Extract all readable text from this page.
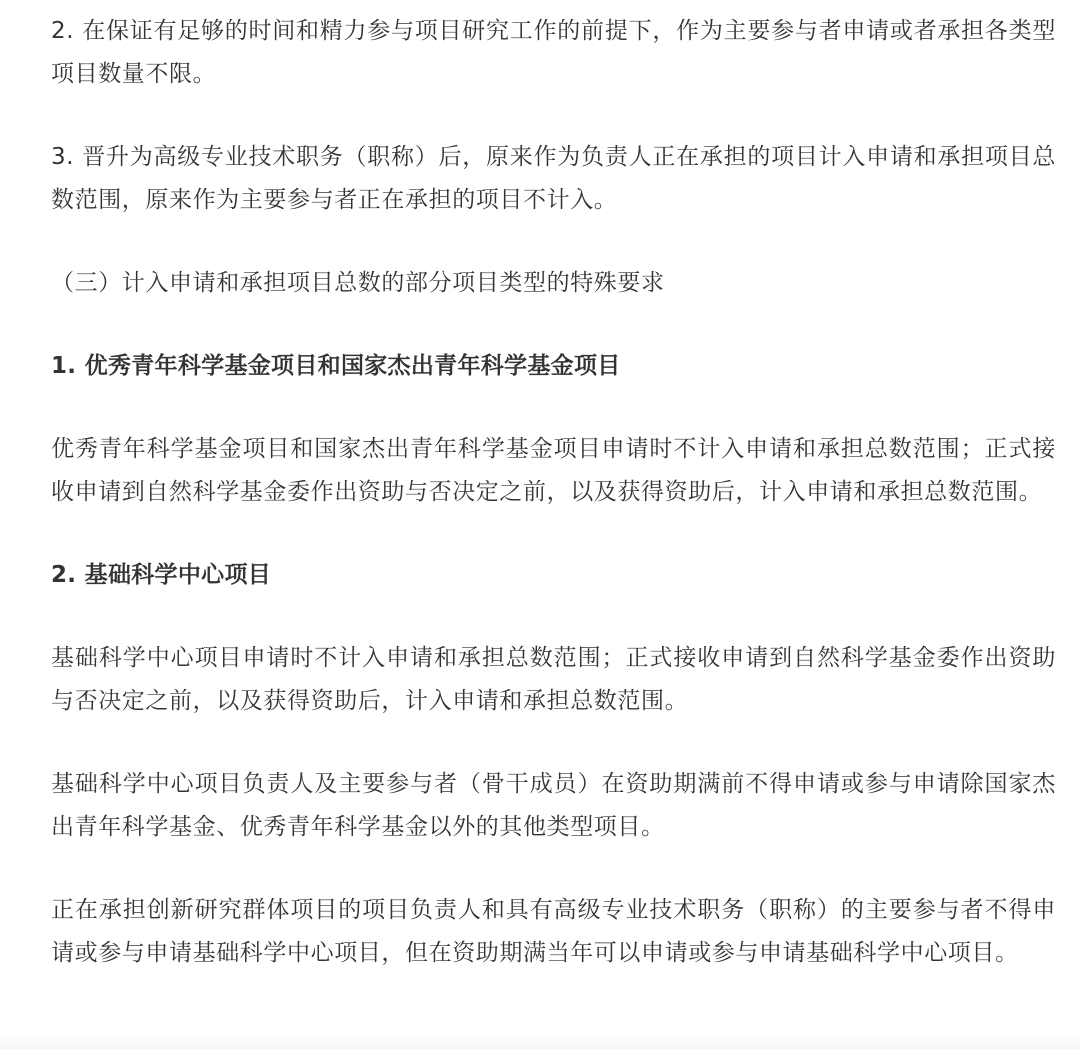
2. 在保证有足够的时间和精力参与项目研究工作的前提下，作为主要参与者申请或者承担各类型项目数量不限。

3. 晋升为高级专业技术职务（职称）后，原来作为负责人正在承担的项目计入申请和承担项目总数范围，原来作为主要参与者正在承担的项目不计入。

（三）计入申请和承担项目总数的部分项目类型的特殊要求

1. 优秀青年科学基金项目和国家杰出青年科学基金项目

优秀青年科学基金项目和国家杰出青年科学基金项目申请时不计入申请和承担总数范围；正式接收申请到自然科学基金委作出资助与否决定之前，以及获得资助后，计入申请和承担总数范围。

2. 基础科学中心项目

基础科学中心项目申请时不计入申请和承担总数范围；正式接收申请到自然科学基金委作出资助与否决定之前，以及获得资助后，计入申请和承担总数范围。

基础科学中心项目负责人及主要参与者（骨干成员）在资助期满前不得申请或参与申请除国家杰出青年科学基金、优秀青年科学基金以外的其他类型项目。

正在承担创新研究群体项目的项目负责人和具有高级专业技术职务（职称）的主要参与者不得申请或参与申请基础科学中心项目，但在资助期满当年可以申请或参与申请基础科学中心项目。
